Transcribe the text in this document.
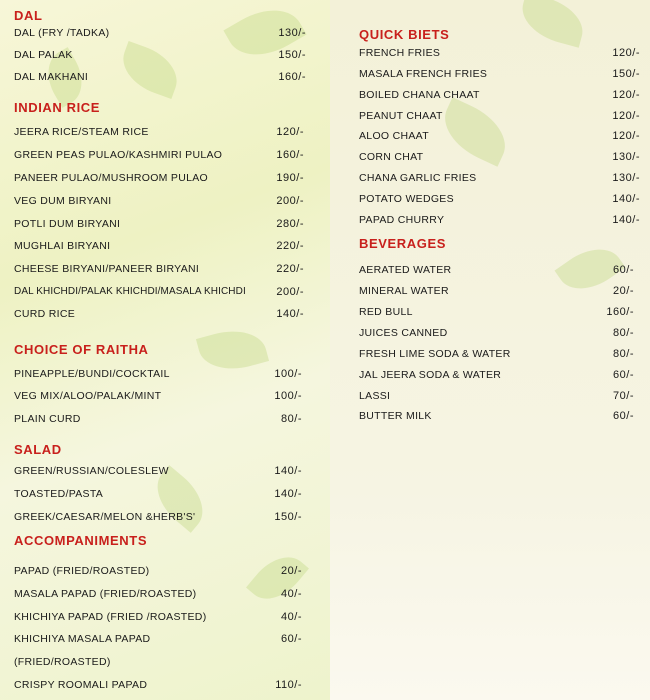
DAL
DAL (FRY /TADKA)	130/-
DAL PALAK	150/-
DAL MAKHANI	160/-
INDIAN RICE
JEERA RICE/STEAM RICE	120/-
GREEN PEAS PULAO/KASHMIRI PULAO	160/-
PANEER PULAO/MUSHROOM PULAO	190/-
VEG DUM BIRYANI	200/-
POTLI DUM BIRYANI	280/-
MUGHLAI BIRYANI	220/-
CHEESE BIRYANI/PANEER BIRYANI	220/-
DAL KHICHDI/PALAK KHICHDI/MASALA KHICHDI	200/-
CURD RICE	140/-
CHOICE OF RAITHA
PINEAPPLE/BUNDI/COCKTAIL	100/-
VEG MIX/ALOO/PALAK/MINT	100/-
PLAIN CURD	80/-
SALAD
GREEN/RUSSIAN/COLESLEW	140/-
TOASTED/PASTA	140/-
GREEK/CAESAR/MELON &HERB'S'	150/-
ACCOMPANIMENTS
PAPAD (FRIED/ROASTED)	20/-
MASALA PAPAD (FRIED/ROASTED)	40/-
KHICHIYA PAPAD (FRIED /ROASTED)	40/-
KHICHIYA MASALA PAPAD	60/-
(FRIED/ROASTED)
CRISPY ROOMALI PAPAD	110/-
QUICK BIETS
FRENCH FRIES	120/-
MASALA FRENCH FRIES	150/-
BOILED CHANA CHAAT	120/-
PEANUT CHAAT	120/-
ALOO CHAAT	120/-
CORN CHAT	130/-
CHANA GARLIC FRIES	130/-
POTATO WEDGES	140/-
PAPAD CHURRY	140/-
BEVERAGES
AERATED WATER	60/-
MINERAL WATER	20/-
RED BULL	160/-
JUICES CANNED	80/-
FRESH LIME SODA & WATER	80/-
JAL JEERA SODA & WATER	60/-
LASSI	70/-
BUTTER MILK	60/-
